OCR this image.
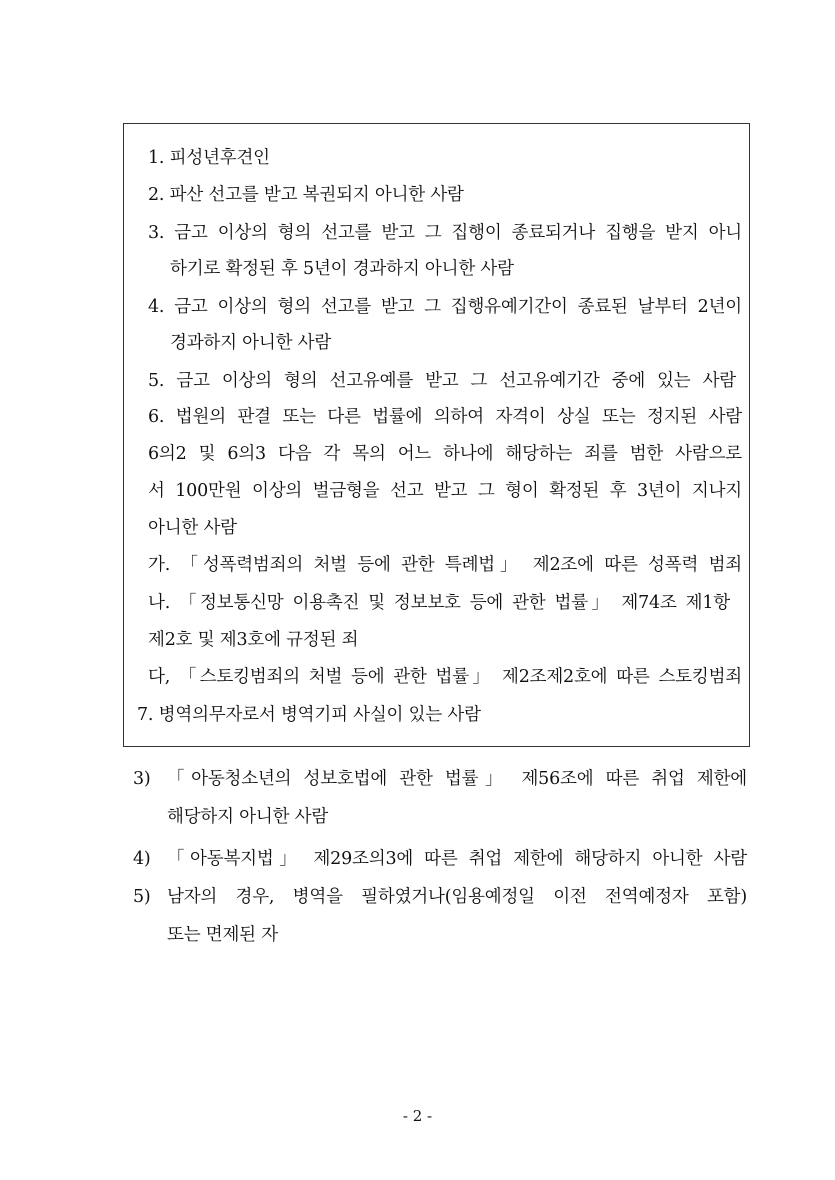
1. 피성년후견인
2. 파산 선고를 받고 복권되지 아니한 사람
3. 금고 이상의 형의 선고를 받고 그 집행이 종료되거나 집행을 받지 아니
하기로 확정된 후 5년이 경과하지 아니한 사람
4. 금고 이상의 형의 선고를 받고 그 집행유예기간이 종료된 날부터 2년이
경과하지 아니한 사람
5. 금고 이상의 형의 선고유예를 받고 그 선고유예기간 중에 있는 사람
6. 법원의 판결 또는 다른 법률에 의하여 자격이 상실 또는 정지된 사람
6의2 및 6의3 다음 각 목의 어느 하나에 해당하는 죄를 범한 사람으로
서 100만원 이상의 벌금형을 선고 받고 그 형이 확정된 후 3년이 지나지
아니한 사람
가. 「성폭력범죄의 처벌 등에 관한 특례법」 제2조에 따른 성폭력 범죄
나. 「정보통신망 이용촉진 및 정보보호 등에 관한 법률」 제74조 제1항
제2호 및 제3호에 규정된 죄
다, 「스토킹범죄의 처벌 등에 관한 법률」 제2조제2호에 따른 스토킹범죄
7. 병역의무자로서 병역기피 사실이 있는 사람
3) 「아동청소년의 성보호법에 관한 법률」 제56조에 따른 취업 제한에
해당하지 아니한 사람
4) 「아동복지법」 제29조의3에 따른 취업 제한에 해당하지 아니한 사람
5) 남자의 경우, 병역을 필하였거나(임용예정일 이전 전역예정자 포함)
또는 면제된 자
- 2 -
